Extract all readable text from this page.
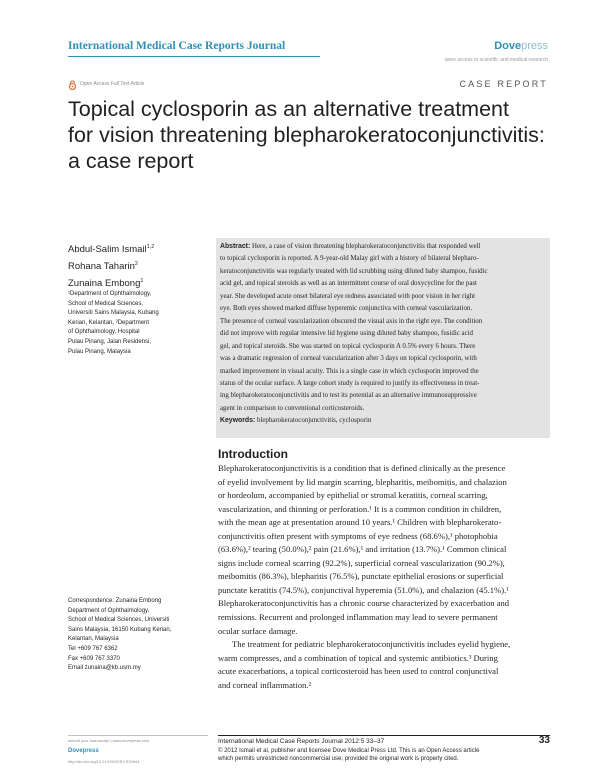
International Medical Case Reports Journal	Dovepress
open access to scientific and medical research
Open Access Full Text Article	CASE REPORT
Topical cyclosporin as an alternative treatment
for vision threatening blepharokeratoconjunctivitis:
a case report
Abdul-Salim Ismail$^{1,2}$
Rohana Taharin$^2$
Zunaina Embong$^1$
¹Department of Ophthalmology,
School of Medical Sciences,
Universiti Sains Malaysia, Kubang
Kerian, Kelantan, ²Department
of Ophthalmology, Hospital
Pulau Pinang, Jalan Residensi,
Pulau Pinang, Malaysia
Correspondence: Zunaina Embong
Department of Ophthalmology,
School of Medical Sciences, Universiti
Sains Malaysia, 16150 Kubang Kerian,
Kelantan, Malaysia
Tel +609 767 6362
Fax +609 767 3370
Email zunaina@kb.usm.my
Abstract: Here, a case of vision threatening blepharokeratoconjunctivitis that responded well
to topical cyclosporin is reported. A 9-year-old Malay girl with a history of bilateral blepharo-
keratoconjunctivitis was regularly treated with lid scrubbing using diluted baby shampoo, fusidic
acid gel, and topical steroids as well as an intermittent course of oral doxycycline for the past
year. She developed acute onset bilateral eye redness associated with poor vision in her right
eye. Both eyes showed marked diffuse hyperemic conjunctiva with corneal vascularization.
The presence of corneal vascularization obscured the visual axis in the right eye. The condition
did not improve with regular intensive lid hygiene using diluted baby shampoo, fusidic acid
gel, and topical steroids. She was started on topical cyclosporin A 0.5% every 6 hours. There
was a dramatic regression of corneal vascularization after 3 days on topical cyclosporin, with
marked improvement in visual acuity. This is a single case in which cyclosporin improved the
status of the ocular surface. A large cohort study is required to justify its effectiveness in treat-
ing blepharokeratoconjunctivitis and to test its potential as an alternative immunosuppressive
agent in comparison to conventional corticosteroids.
Keywords: blepharokeratoconjunctivitis, cyclosporin
Introduction
Blepharokeratoconjunctivitis is a condition that is defined clinically as the presence
of eyelid involvement by lid margin scarring, blepharitis, meibomitis, and chalazion
or hordeolum, accompanied by epithelial or stromal keratitis, corneal scarring,
vascularization, and thinning or perforation.¹ It is a common condition in children,
with the mean age at presentation around 10 years.¹ Children with blepharokerato-
conjunctivitis often present with symptoms of eye redness (68.6%),¹ photophobia
(63.6%),² tearing (50.0%),² pain (21.6%),¹ and irritation (13.7%).¹ Common clinical
signs include corneal scarring (92.2%), superficial corneal vascularization (90.2%),
meibomitis (86.3%), blepharitis (76.5%), punctate epithelial erosions or superficial
punctate keratitis (74.5%), conjunctival hyperemia (51.0%), and chalazion (45.1%).¹
Blepharokeratoconjunctivitis has a chronic course characterized by exacerbation and
remissions. Recurrent and prolonged inflammation may lead to severe permanent
ocular surface damage.
The treatment for pediatric blepharokeratoconjunctivitis includes eyelid hygiene,
warm compresses, and a combination of topical and systemic antibiotics.³ During
acute exacerbations, a topical corticosteroid has been used to control conjunctival
and corneal inflammation.²
submit your manuscript | www.dovepress.com
Dovepress
http://dx.doi.org/10.2147/IMCRJ.S33944
International Medical Case Reports Journal 2012:5 33–37	33
© 2012 Ismail et al, publisher and licensee Dove Medical Press Ltd. This is an Open Access article
which permits unrestricted noncommercial use, provided the original work is properly cited.
